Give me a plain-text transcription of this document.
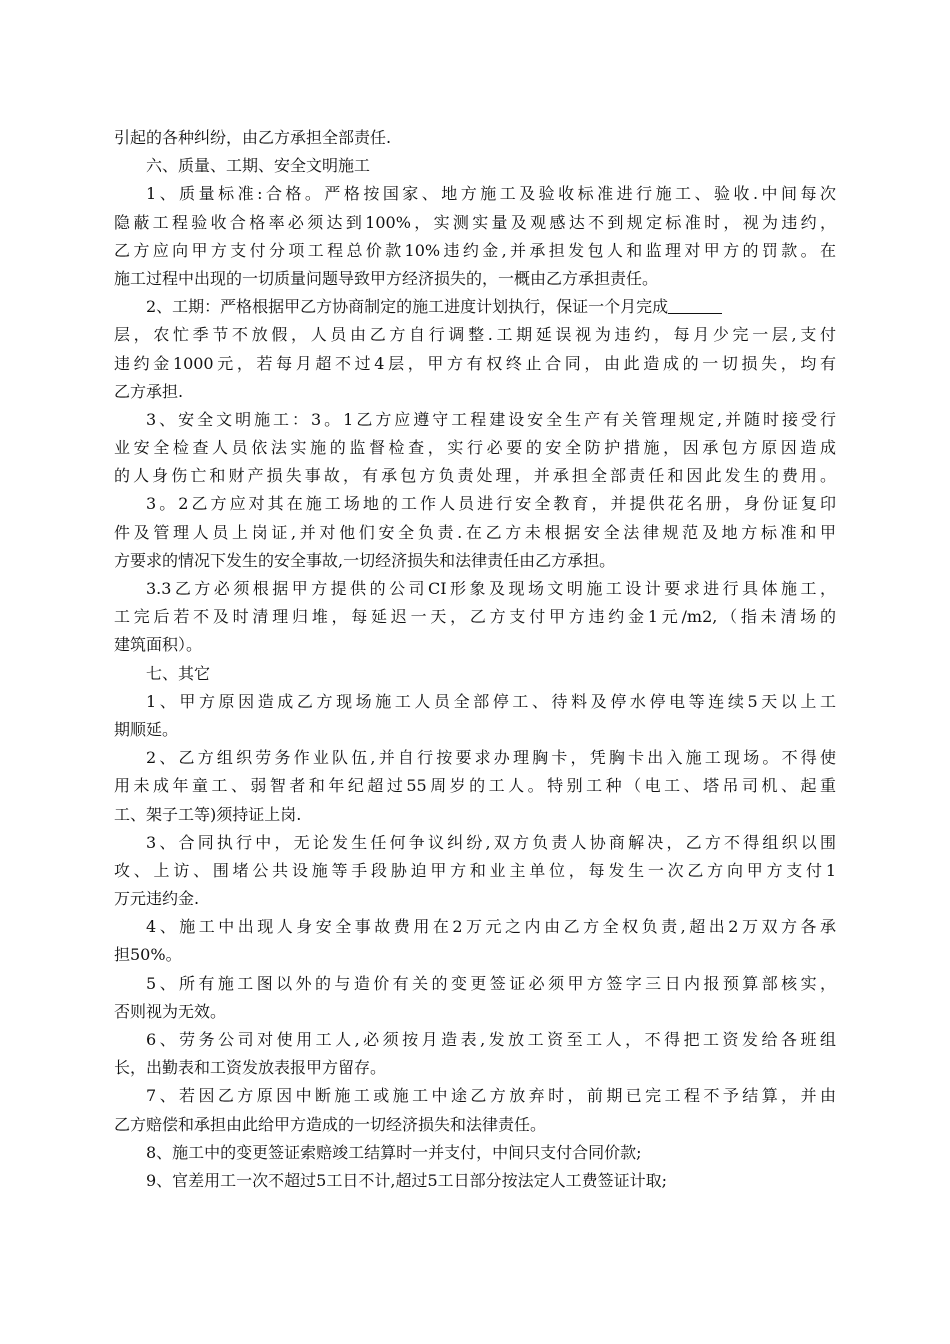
引起的各种纠纷，由乙方承担全部责任.
六、质量、工期、安全文明施工
1、质量标准:合格。严格按国家、地方施工及验收标准进行施工、验收.中间每次
隐蔽工程验收合格率必须达到100%，实测实量及观感达不到规定标准时，视为违约，
乙方应向甲方支付分项工程总价款10%违约金,并承担发包人和监理对甲方的罚款。在
施工过程中出现的一切质量问题导致甲方经济损失的，一概由乙方承担责任。
2、工期：严格根据甲乙方协商制定的施工进度计划执行，保证一个月完成
层，农忙季节不放假，人员由乙方自行调整.工期延误视为违约，每月少完一层,支付
违约金1000元，若每月超不过4层，甲方有权终止合同，由此造成的一切损失，均有
乙方承担.
3、安全文明施工：3。1乙方应遵守工程建设安全生产有关管理规定,并随时接受行
业安全检查人员依法实施的监督检查，实行必要的安全防护措施，因承包方原因造成
的人身伤亡和财产损失事故，有承包方负责处理，并承担全部责任和因此发生的费用。
3。2乙方应对其在施工场地的工作人员进行安全教育，并提供花名册，身份证复印
件及管理人员上岗证,并对他们安全负责.在乙方未根据安全法律规范及地方标准和甲
方要求的情况下发生的安全事故,一切经济损失和法律责任由乙方承担。
3.3乙方必须根据甲方提供的公司CI形象及现场文明施工设计要求进行具体施工，
工完后若不及时清理归堆，每延迟一天，乙方支付甲方违约金1元/m2,（指未清场的
建筑面积）。
七、其它
1、甲方原因造成乙方现场施工人员全部停工、待料及停水停电等连续5天以上工
期顺延。
2、乙方组织劳务作业队伍,并自行按要求办理胸卡，凭胸卡出入施工现场。不得使
用未成年童工、弱智者和年纪超过55周岁的工人。特别工种（电工、塔吊司机、起重
工、架子工等)须持证上岗.
3、合同执行中，无论发生任何争议纠纷,双方负责人协商解决，乙方不得组织以围
攻、上访、围堵公共设施等手段胁迫甲方和业主单位，每发生一次乙方向甲方支付1
万元违约金.
4、施工中出现人身安全事故费用在2万元之内由乙方全权负责,超出2万双方各承
担50%。
5、所有施工图以外的与造价有关的变更签证必须甲方签字三日内报预算部核实，
否则视为无效。
6、劳务公司对使用工人,必须按月造表,发放工资至工人，不得把工资发给各班组
长，出勤表和工资发放表报甲方留存。
7、若因乙方原因中断施工或施工中途乙方放弃时，前期已完工程不予结算，并由
乙方赔偿和承担由此给甲方造成的一切经济损失和法律责任。
8、施工中的变更签证索赔竣工结算时一并支付，中间只支付合同价款;
9、官差用工一次不超过5工日不计,超过5工日部分按法定人工费签证计取;
